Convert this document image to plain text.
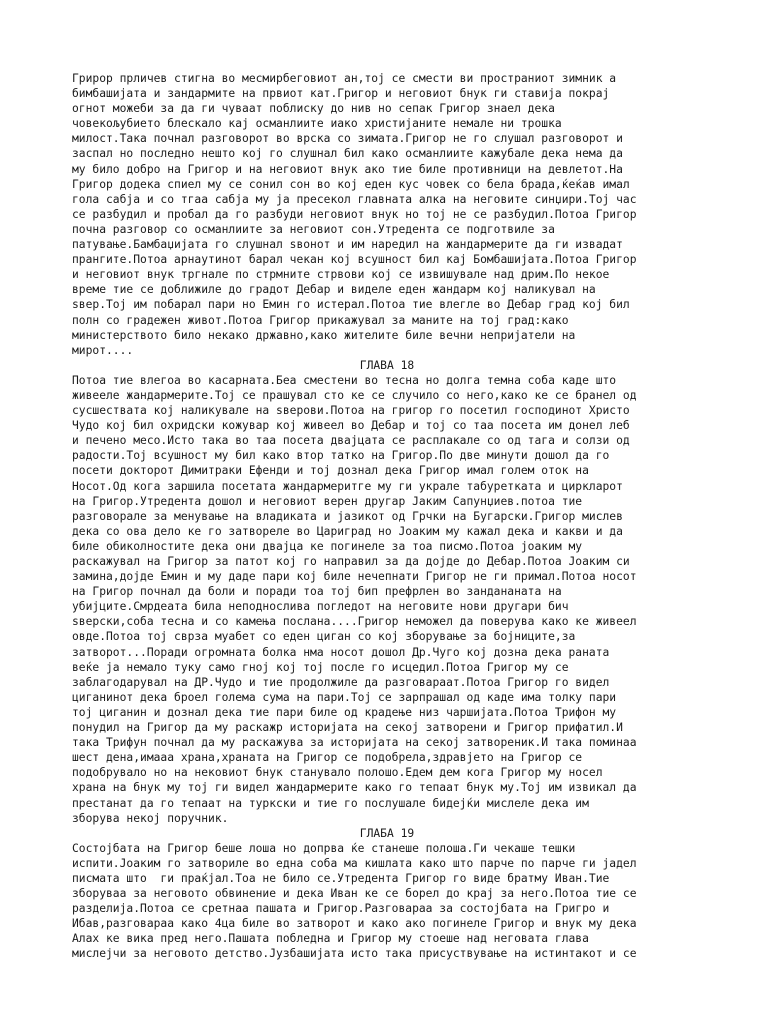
Грирор прличев стигна во месмирбеговиот ан,тој се смести ви пространиот зимник а
бимбашијата и зандармите на првиот кат.Григор и неговиот бнук ги ставија покрај
огнот можеби за да ги чуваат поблиску до нив но сепак Григор знаел дека
човекољубието блескало кај османлиите иако христијаните немале ни трошка
милост.Така почнал разговорот во врска со зимата.Григор не го слушал разговорот и
заспал но последно нешто кој го слушнал бил како османлиите кажубале дека нема да
му било добро на Григор и на неговиот внук ако тие биле противници на девлетот.На
Григор додека спиел му се сонил сон во кој еден кус човек со бела брада,ќеќав имал
гола сабја и со тгаа сабја му ја пресекол главната алка на неговите синџири.Тој час
се разбудил и пробал да го разбуди неговиот внук но тој не се разбудил.Потоа Григор
почна разговор со османлиите за неговиот сон.Утредента се подготвиле за
патување.Бамбаџијата го слушнал ѕвонот и им наредил на жандармерите да ги извадат
прангите.Потоа арнаутинот барал чекан кој всушност бил кај Бомбашијата.Потоа Григор
и неговиот внук тргнале по стрмните стрвови кој се извишувале над дрим.По некое
време тие се доближиле до градот Дебар и виделе еден жандарм кој наликувал на
ѕвер.Тој им побарал пари но Емин го истерал.Потоа тие влегле во Дебар град кој бил
полн со градежен живот.Потоа Григор прикажувал за маните на тој град:како
министерството било некако државно,како жителите биле вечни непријатели на
мирот....

ГЛАВА 18

Потоа тие влегоа во касарната.Беа сместени во тесна но долга темна соба каде што
живееле жандармерите.Тој се прашувал сто ке се случило со него,како ке се бранел од
сусшествата кој наликувале на ѕверови.Потоа на григор го посетил господинот Христо
Чудо кој бил охридски кожувар кој живеел во Дебар и тој со таа посета им донел леб
и печено месо.Исто така во таа посета двајцата се расплакале со од тага и солзи од
радости.Тој всушност му бил како втор татко на Григор.По две минути дошол да го
посети докторот Димитраки Ефенди и тој дознал дека Григор имал голем оток на
Носот.Од кога заршила посетата жандармеритге му ги украле табуретката и циркларот
на Григор.Утредента дошол и неговиот верен другар Јаким Сапунџиев.потоа тие
разговорале за менување на владиката и јазикот од Грчки на Бугарски.Григор мислев
дека со ова дело ке го затвореле во Цариград но Јоаким му кажал дека и какви и да
биле обиколностите дека они двајца ке погинеле за тоа писмо.Потоа јоаким му
раскажувал на Григор за патот кој го направил за да дојде до Дебар.Потоа Јоаким си
замина,дојде Емин и му даде пари кој биле нечепнати Григор не ги примал.Потоа носот
на Григор почнал да боли и поради тоа тој бип префрлен во зандананата на
убијците.Смрдеата била неподнослива погледот на неговите нови другари бич
ѕверски,соба тесна и со камења послана....Григор неможел да поверува како ке живеел
овде.Потоа тој сврза муабет со еден циган со кој зборување за бојниците,за
затворот...Поради огромната болка нма носот дошол Др.Чуго кој дозна дека раната
веќе ја немало туку само гној кој тој после го исцедил.Потоа Григор му се
заблагодарувал на ДР.Чудо и тие продолжиле да разговараат.Потоа Григор го видел
циганинот дека броел голема сума на пари.Тој се зарпрашал од каде има толку пари
тој циганин и дознал дека тие пари биле од крадење низ чаршијата.Потоа Трифон му
понудил на Григор да му раскажр историјата на секој затворени и Григор прифатил.И
така Трифун почнал да му раскажува за историјата на секој затвореник.И така поминаа
шест дена,имааа храна,храната на Григор се подобрела,здравјето на Григор се
подобрувало но на нековиот бнук станувало полошо.Едем дем кога Григор му носел
храна на бнук му тој ги видел жандармерите како го тепаат бнук му.Тој им извикал да
престанат да го тепаат на турксκи и тие го послушале бидејќи мислеле дека им
зборува некој поручник.

ГЛАБА 19

Состојбата на Григор беше лоша но допрва ќе станеше полоша.Ги чекаше тешки
испити.Јоаким го затвориле во една соба ма кишлата како што парче по парче ги јадел
писмата што  ги праќјал.Тоа не било се.Утредента Григор го виде братму Иван.Тие
зборуваа за неговото обвинение и дека Иван ке се борел до крај за него.Потоа тие се
разделија.Потоа се сретнаа пашата и Григор.Разговараа за состојбата на Григро и
Ибав,разговараа како 4ца биле во затворот и како ако погинеле Григор и внук му дека
Алах ке вика пред него.Пашата побледна и Григор му стоеше над неговата глава
мислејчи за неговото детство.Јузбашијата исто така присуствување на истинтакот и се
